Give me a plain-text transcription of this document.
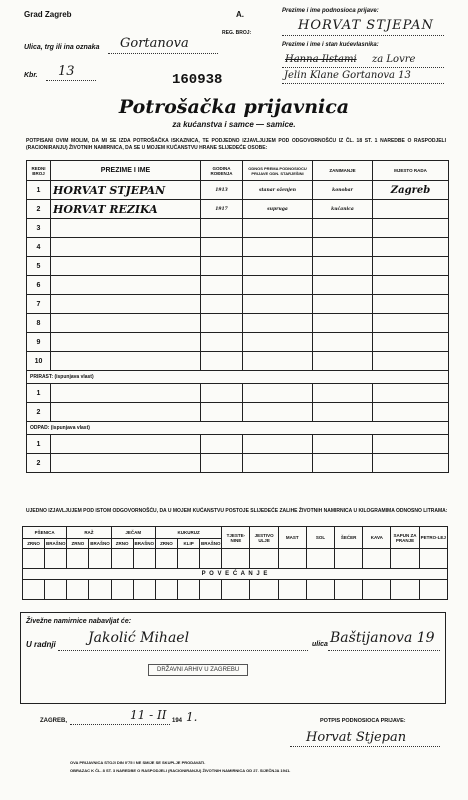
Grad Zagreb	A.
REG. BROJ:
Prezime i ime podnosioca prijave:
HORVAT STJEPAN
Ulica, trg ili ina oznaka Gortanova	Prezime i ime i stan kućevlasnika:
Hanna Ilstami za Lovre
Kbr. 13
160938	Jelin Klane Gortanova 13
Potrošačka prijavnica
za kućanstva i samce — samice.
POTPISANI OVIM MOLIM, DA MI SE IZDA POTROŠAČKA ISKAZNICA, TE PODJEDNO IZJAVLJUJEM POD ODGOVORNOŠĆU IZ ČL. 18 ST. 1 NAREDBE O RASPODJELI (RACIONIRANJU) ŽIVOTNIH NAMIRNICA, DA SE U MOJEM KUĆANSTVU HRANE SLIJEDEĆE OSOBE:
REDNI BROJ	PREZIME I IME	GODINA ROĐENJA	ODNOS PREMA PODNOSIOCU PRIJAVE ODN. STARJEŠINI	ZANIMANJE	MJESTO RADA
1	HORVAT STJEPAN	1913	stanar oženjen	konobar	Zagreb
2	HORVAT REZIKA	1917	supruga	kućanica	
3					
4					
5					
6					
7					
8					
9					
10					
PRIRAST: (ispunjava vlast)					
1					
2					
ODPAD: (ispunjava vlast)					
1					
2					
UJEDNO IZJAVLJUJEM POD ISTOM ODGOVORNOŠĆU, DA U MOJEM KUĆANSTVU POSTOJE SLIJEDEĆE ZALIHE ŽIVOTNIH NAMIRNICA U KILOGRAMIMA ODNOSNO LITRAMA:
PŠENICA		RAŽ		JEČAM		KUKURUZ			TJESTE-NINE	JESTIVO ULJE	MAST	SOL	ŠEĆER	KAVA	SAPUN ZA PRANJE	PETRO-LEJ
ZRNO	BRAŠNO	ZRNO	BRAŠNO	ZRNO	BRAŠNO	ZRNO	KLIP	BRAŠNO								

P O V E Ć A N J E																

Živežne namirnice nabavljat će:
U radnji Jakolić Mihael	ulica Baštijanova 19
DRŽAVNI ARHIV U ZAGREBU
ZAGREB,	11 - II 194 1.	POTPIS PODNOSIOCA PRIJAVE:
Horvat Stjepan
OVA PRIJAVNICA STOJI DIN 0'75 I NE SMIJE SE SKUPLJE PRODAVATI.
OBRAZAC K ČL. 8 ST. 3 NAREDBE O RASPODJELI (RACIONIRANJU) ŽIVOTNIH NAMIRNICA OD 27. SIJEČNJA 1941.
